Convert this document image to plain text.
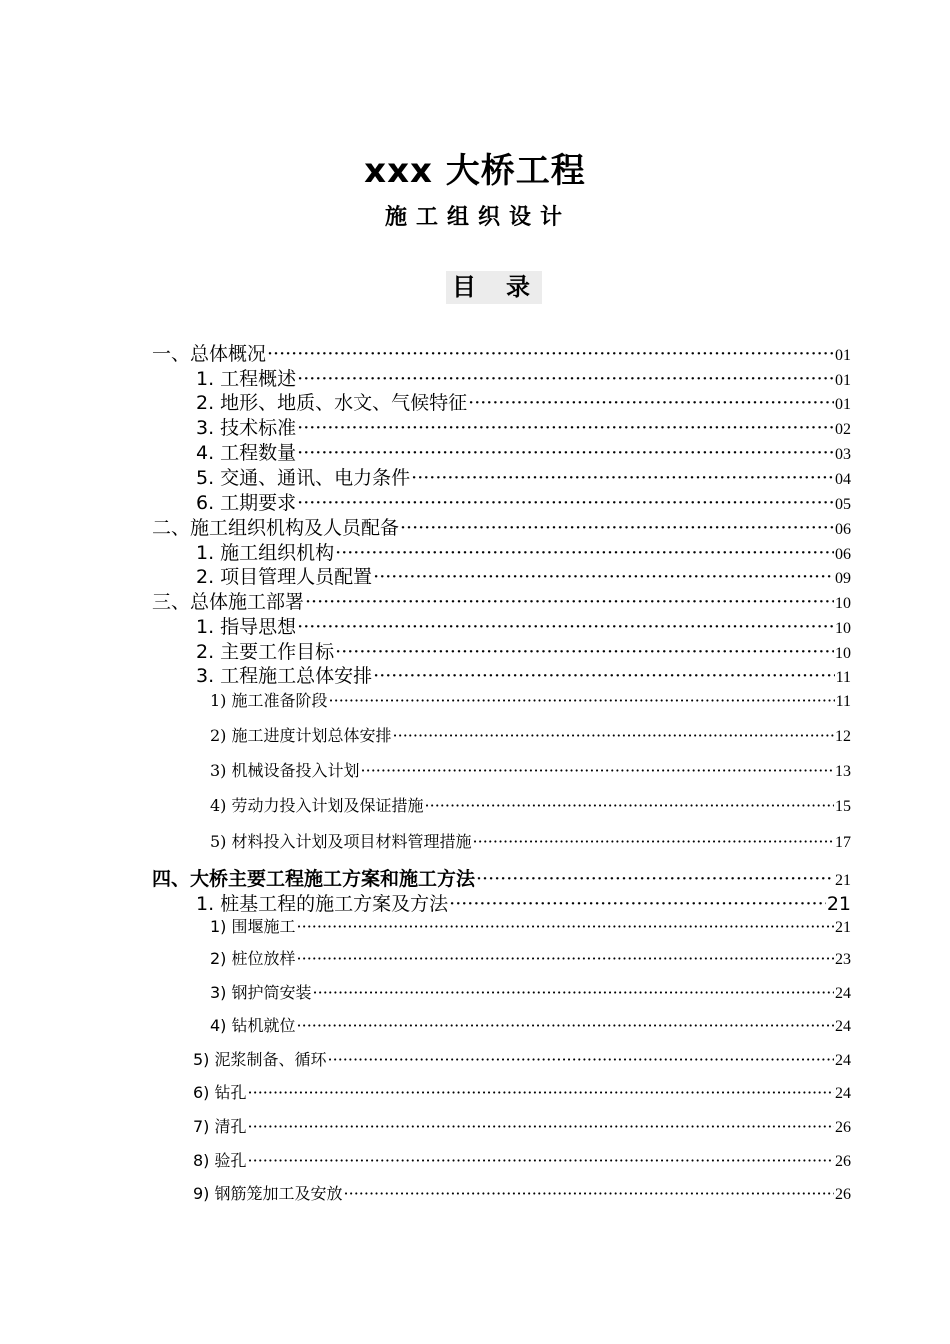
xxx 大桥工程
施工组织设计
目录
一、总体概况 ·····	01
1. 工程概述 ·····	01
2. 地形、地质、水文、气候特征 ·····	01
3. 技术标准 ·····	02
4. 工程数量 ·····	03
5. 交通、通讯、电力条件 ·····	04
6. 工期要求 ·····	05
二、施工组织机构及人员配备 ·····	06
1. 施工组织机构 ·····	06
2. 项目管理人员配置 ·····	09
三、总体施工部署 ·····	10
1. 指导思想 ·····	10
2. 主要工作目标 ·····	10
3. 工程施工总体安排 ·····	11
1) 施工准备阶段 ·····	11
2) 施工进度计划总体安排 ·····	12
3) 机械设备投入计划 ·····	13
4) 劳动力投入计划及保证措施 ·····	15
5) 材料投入计划及项目材料管理措施 ·····	17
四、大桥主要工程施工方案和施工方法 ·····	21
1. 桩基工程的施工方案及方法 ·····	21
1) 围堰施工 ·····	21
2) 桩位放样 ·····	23
3) 钢护筒安装 ·····	24
4) 钻机就位 ·····	24
5) 泥浆制备、循环 ·····	24
6) 钻孔 ·····	24
7) 清孔 ·····	26
8) 验孔 ·····	26
9) 钢筋笼加工及安放 ·····	26
